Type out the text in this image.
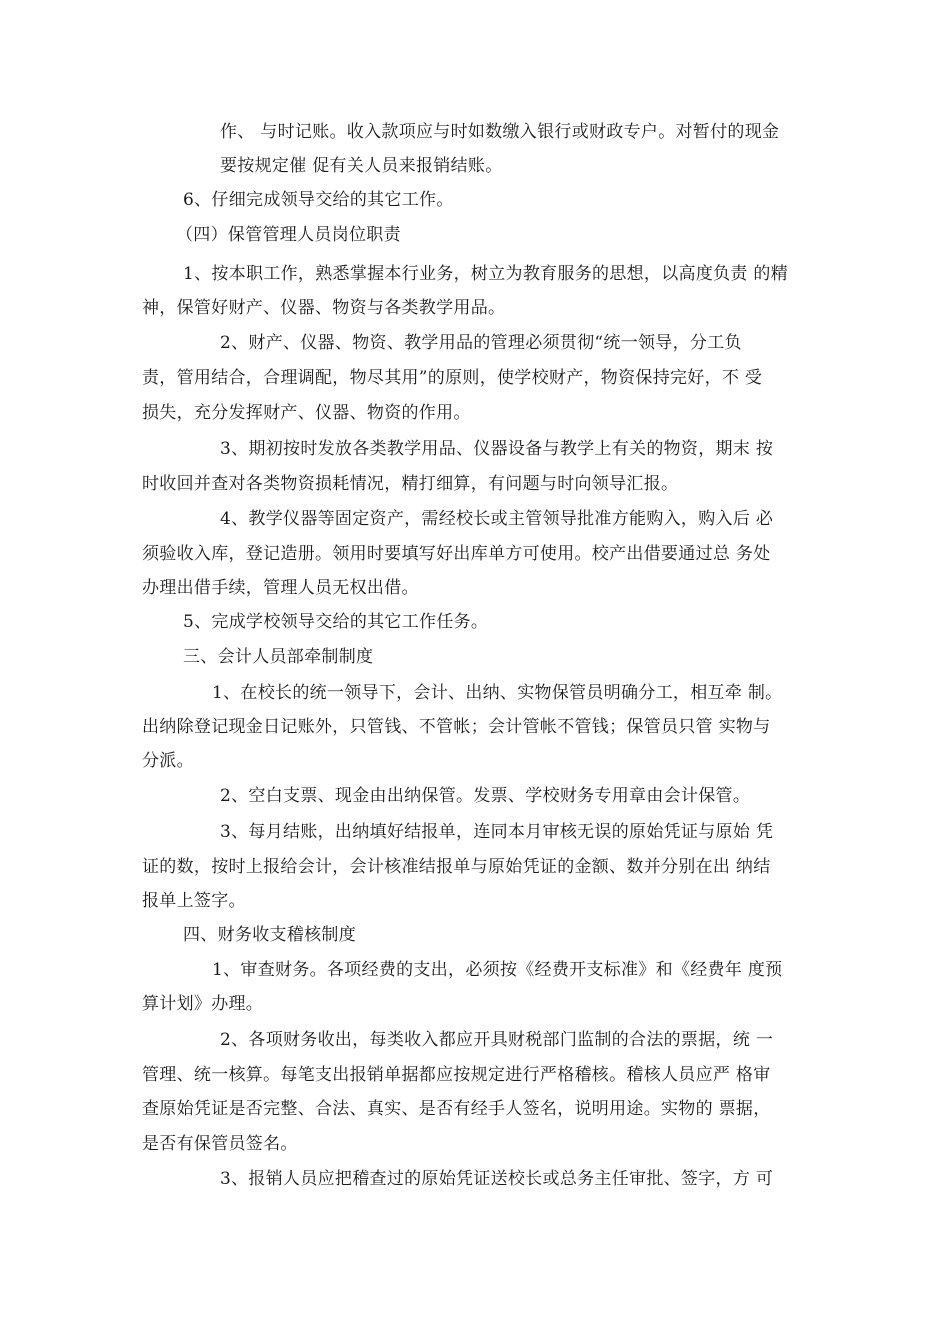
作、 与时记账。收入款项应与时如数缴入银行或财政专户。对暂付的现金
要按规定催 促有关人员来报销结账。
6、仔细完成领导交给的其它工作。
（四）保管管理人员岗位职责
1、按本职工作，熟悉掌握本行业务，树立为教育服务的思想，以高度负责 的精
神，保管好财产、仪器、物资与各类教学用品。
2、财产、仪器、物资、教学用品的管理必须贯彻“统一领导，分工负
责，管用结合，合理调配，物尽其用”的原则，使学校财产，物资保持完好，不 受
损失，充分发挥财产、仪器、物资的作用。
3、期初按时发放各类教学用品、仪器设备与教学上有关的物资，期末 按
时收回并查对各类物资损耗情况，精打细算，有问题与时向领导汇报。
4、教学仪器等固定资产，需经校长或主管领导批准方能购入，购入后 必
须验收入库，登记造册。领用时要填写好出库单方可使用。校产出借要通过总 务处
办理出借手续，管理人员无权出借。
5、完成学校领导交给的其它工作任务。
三、会计人员部牵制制度
1、在校长的统一领导下，会计、出纳、实物保管员明确分工，相互牵 制。
出纳除登记现金日记账外，只管钱、不管帐；会计管帐不管钱；保管员只管 实物与
分派。
2、空白支票、现金由出纳保管。发票、学校财务专用章由会计保管。
3、每月结账，出纳填好结报单，连同本月审核无误的原始凭证与原始 凭
证的数，按时上报给会计，会计核准结报单与原始凭证的金额、数并分别在出 纳结
报单上签字。
四、财务收支稽核制度
1、审查财务。各项经费的支出，必须按《经费开支标准》和《经费年 度预
算计划》办理。
2、各项财务收出，每类收入都应开具财税部门监制的合法的票据，统 一
管理、统一核算。每笔支出报销单据都应按规定进行严格稽核。稽核人员应严 格审
查原始凭证是否完整、合法、真实、是否有经手人签名，说明用途。实物的 票据，
是否有保管员签名。
3、报销人员应把稽查过的原始凭证送校长或总务主任审批、签字，方 可
